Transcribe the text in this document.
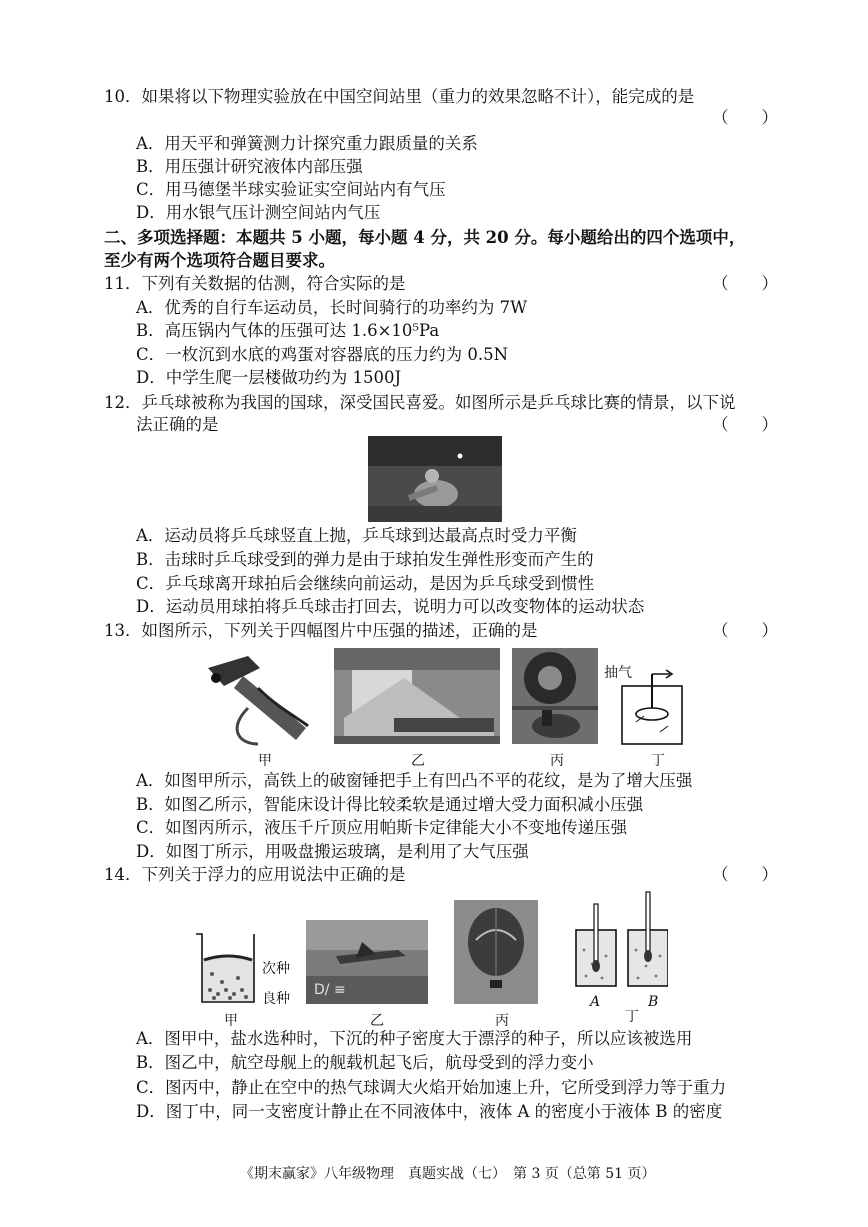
10．如果将以下物理实验放在中国空间站里（重力的效果忽略不计），能完成的是
（　　）
A．用天平和弹簧测力计探究重力跟质量的关系
B．用压强计研究液体内部压强
C．用马德堡半球实验证实空间站内有气压
D．用水银气压计测空间站内气压
二、多项选择题：本题共 5 小题，每小题 4 分，共 20 分。每小题给出的四个选项中，
至少有两个选项符合题目要求。
11．下列有关数据的估测，符合实际的是	（　　）
A．优秀的自行车运动员，长时间骑行的功率约为 7W
B．高压锅内气体的压强可达 1.6×10⁵Pa
C．一枚沉到水底的鸡蛋对容器底的压力约为 0.5N
D．中学生爬一层楼做功约为 1500J
12．乒乓球被称为我国的国球，深受国民喜爱。如图所示是乒乓球比赛的情景，以下说
法正确的是	（　　）
A．运动员将乒乓球竖直上抛，乒乓球到达最高点时受力平衡
B．击球时乒乓球受到的弹力是由于球拍发生弹性形变而产生的
C．乒乓球离开球拍后会继续向前运动，是因为乒乓球受到惯性
D．运动员用球拍将乒乓球击打回去，说明力可以改变物体的运动状态
13．如图所示，下列关于四幅图片中压强的描述，正确的是	（　　）
抽气
甲	乙	丙	丁
A．如图甲所示，高铁上的破窗锤把手上有凹凸不平的花纹，是为了增大压强
B．如图乙所示，智能床设计得比较柔软是通过增大受力面积减小压强
C．如图丙所示，液压千斤顶应用帕斯卡定律能大小不变地传递压强
D．如图丁所示，用吸盘搬运玻璃，是利用了大气压强
14．下列关于浮力的应用说法中正确的是	（　　）
次种
良种
D/ ≡
A	B
甲	乙	丙	丁
A．图甲中，盐水选种时，下沉的种子密度大于漂浮的种子，所以应该被选用
B．图乙中，航空母舰上的舰载机起飞后，航母受到的浮力变小
C．图丙中，静止在空中的热气球调大火焰开始加速上升，它所受到浮力等于重力
D．图丁中，同一支密度计静止在不同液体中，液体 A 的密度小于液体 B 的密度
《期末赢家》八年级物理　真题实战（七）　第 3 页（总第 51 页）
